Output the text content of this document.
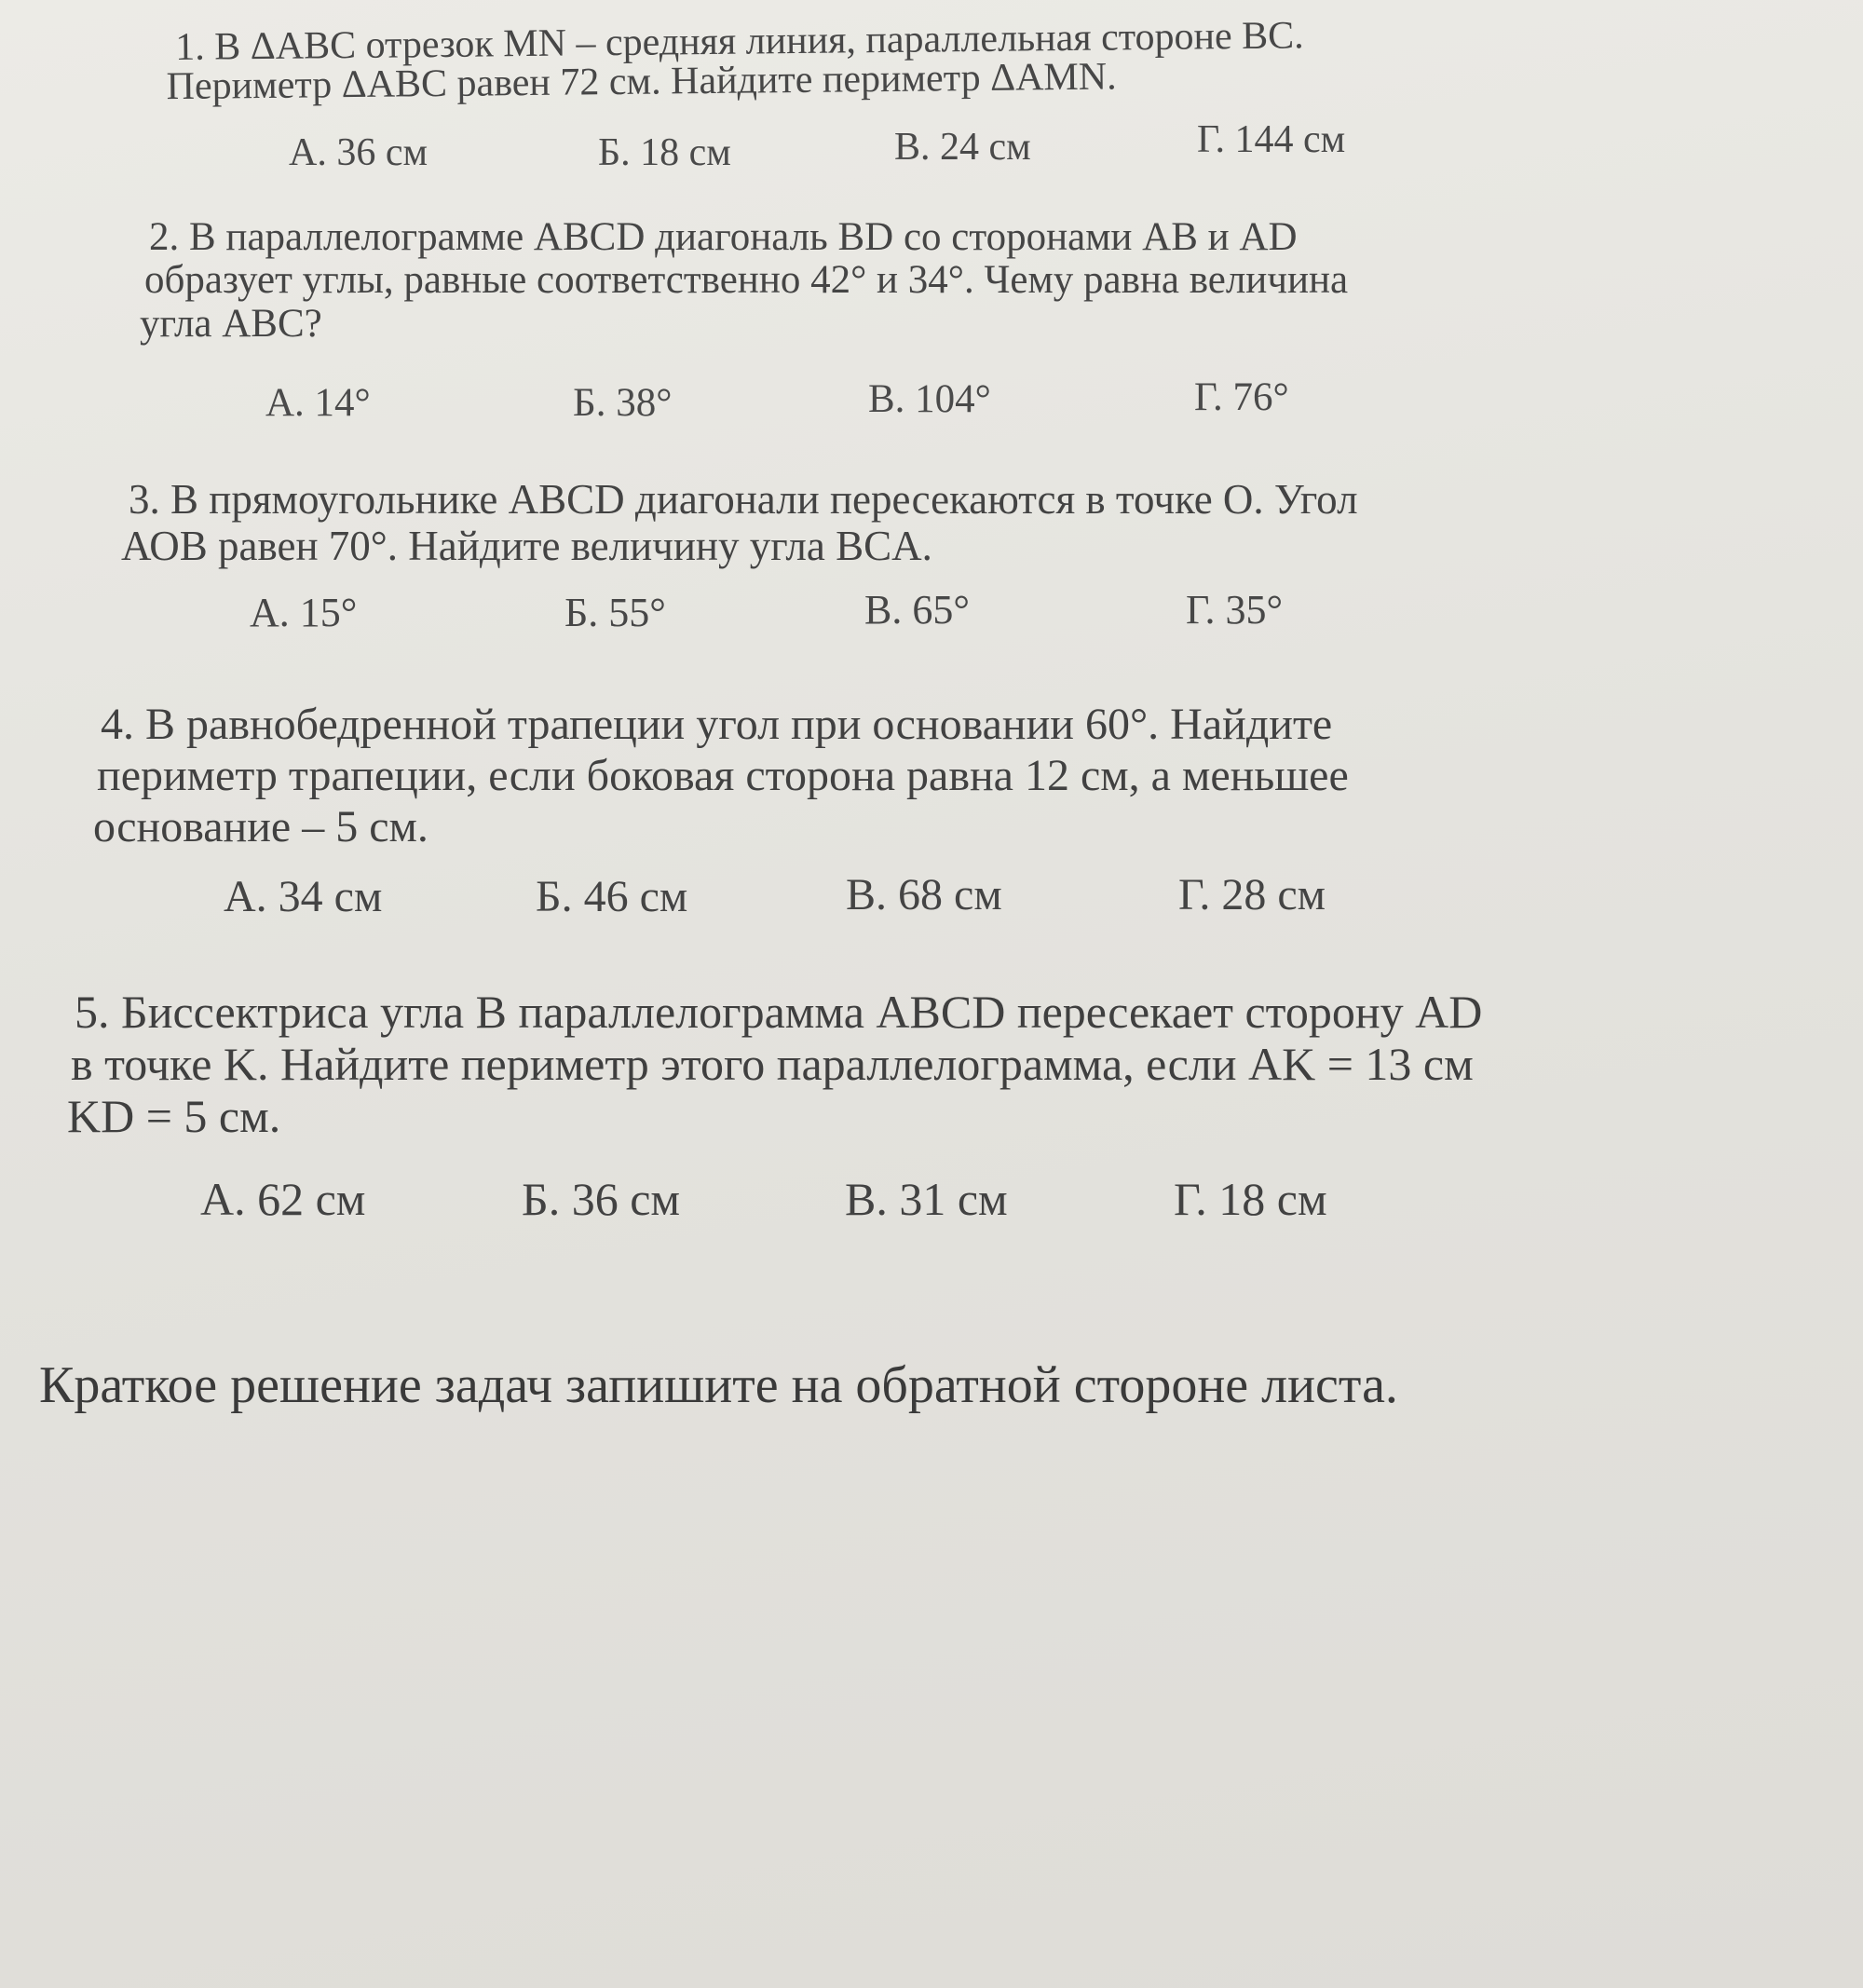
1. В ΔАВС отрезок MN – средняя линия, параллельная стороне ВС.
Периметр ΔАВС равен 72 см. Найдите периметр ΔAMN.
А. 36 см	Б. 18 см	В. 24 см	Г. 144 см
2. В параллелограмме ABCD диагональ BD со сторонами АВ и AD
образует углы, равные соответственно 42° и 34°. Чему равна величина
угла ABC?
А. 14°	Б. 38°	В. 104°	Г. 76°
3. В прямоугольнике ABCD диагонали пересекаются в точке О. Угол
АОВ равен 70°. Найдите величину угла BCA.
А. 15°	Б. 55°	В. 65°	Г. 35°
4. В равнобедренной трапеции угол при основании 60°. Найдите
периметр трапеции, если боковая сторона равна 12 см, а меньшее
основание – 5 см.
А. 34 см	Б. 46 см	В. 68 см	Г. 28 см
5. Биссектриса угла В параллелограмма ABCD пересекает сторону AD
в точке K. Найдите периметр этого параллелограмма, если AK = 13 см
KD = 5 см.
А. 62 см	Б. 36 см	В. 31 см	Г. 18 см
Краткое решение задач запишите на обратной стороне листа.
